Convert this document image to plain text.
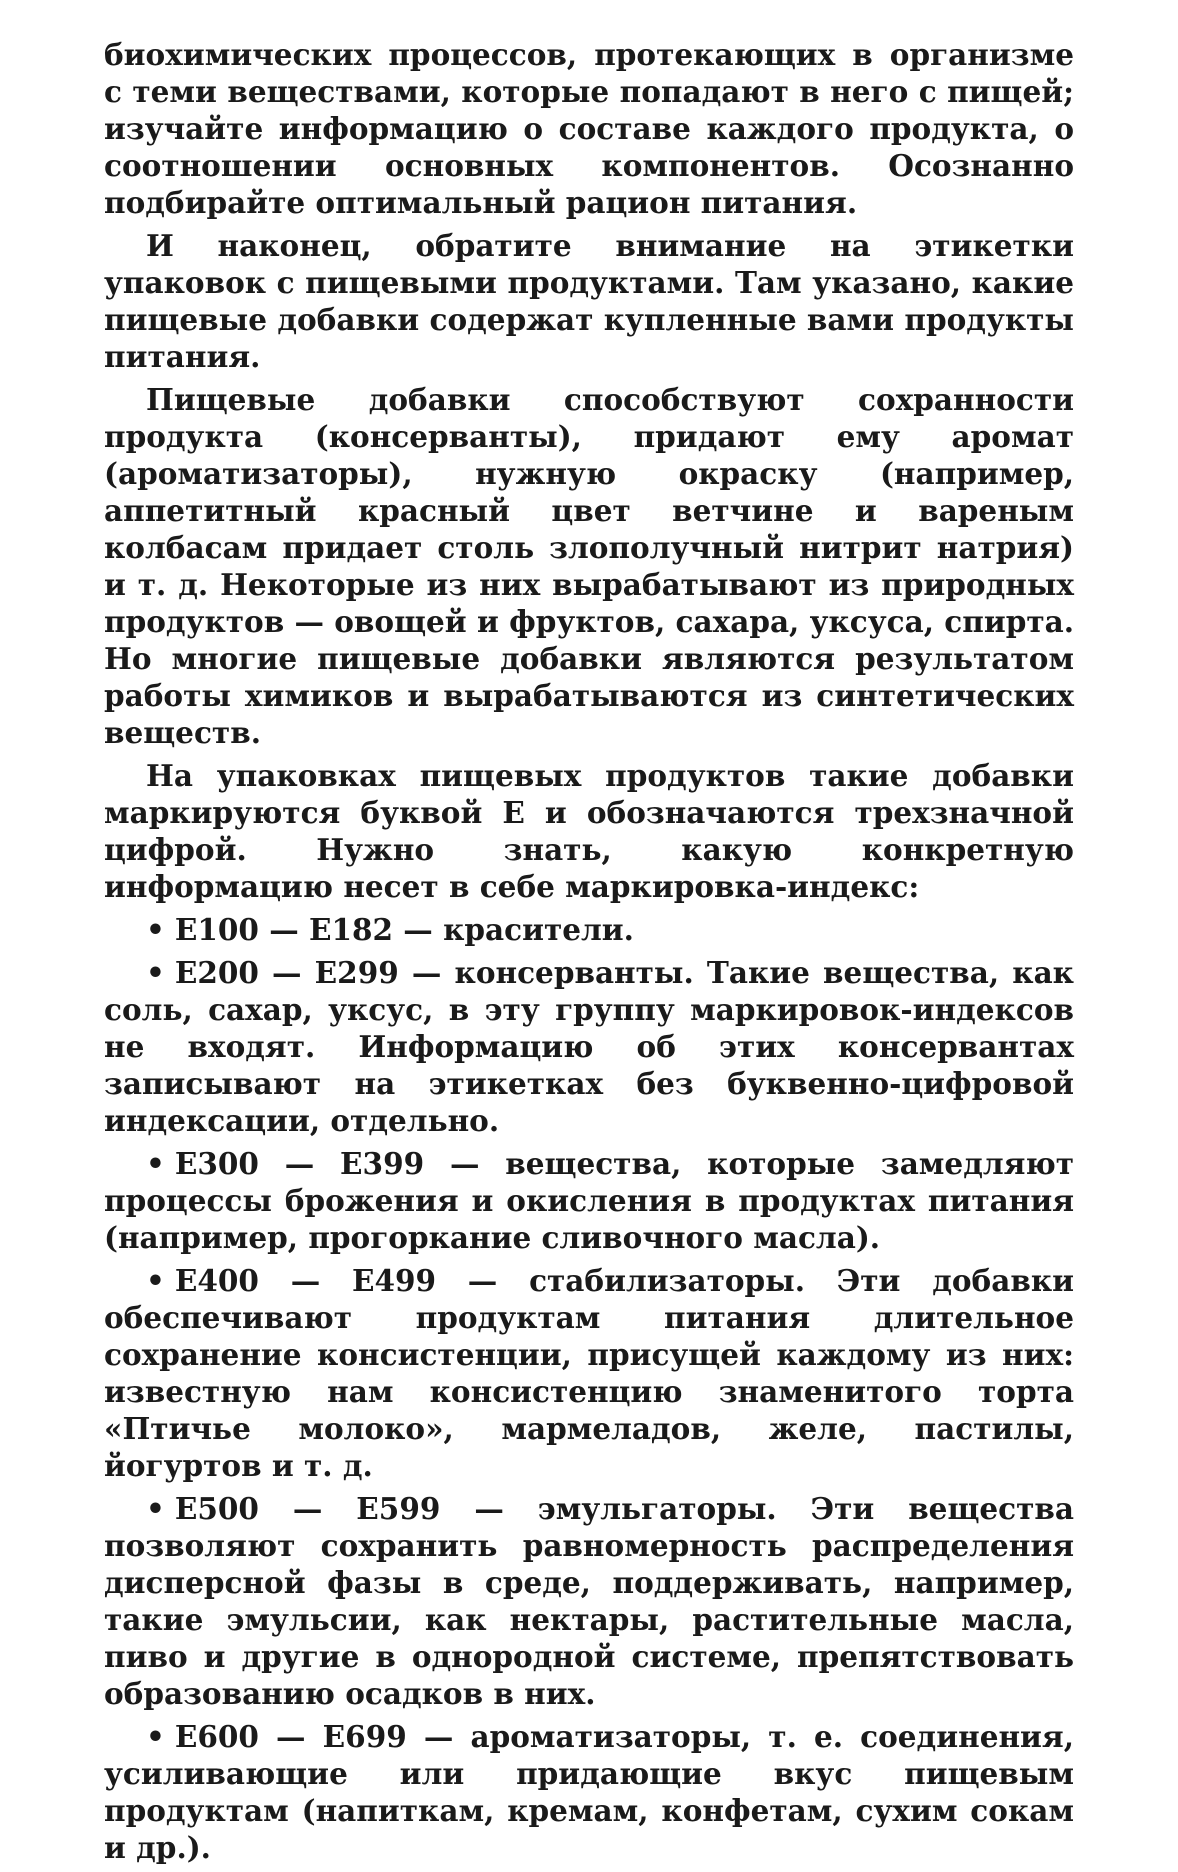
биохимических процессов, протекающих в организме с теми веществами, которые попадают в него с пищей; изучайте информацию о составе каждого продукта, о соотношении основных компонентов. Осознанно подбирайте оптимальный рацион питания.

И наконец, обратите внимание на этикетки упаковок с пищевыми продуктами. Там указано, какие пищевые добавки содержат купленные вами продукты питания.

Пищевые добавки способствуют сохранности продукта (консерванты), придают ему аромат (ароматизаторы), нужную окраску (например, аппетитный красный цвет ветчине и вареным колбасам придает столь злополучный нитрит натрия) и т. д. Некоторые из них вырабатывают из природных продуктов — овощей и фруктов, сахара, уксуса, спирта. Но многие пищевые добавки являются результатом работы химиков и вырабатываются из синтетических веществ.

На упаковках пищевых продуктов такие добавки маркируются буквой Е и обозначаются трехзначной цифрой. Нужно знать, какую конкретную информацию несет в себе маркировка-индекс:

• Е100 — Е182 — красители.

• Е200 — Е299 — консерванты. Такие вещества, как соль, сахар, уксус, в эту группу маркировок-индексов не входят. Информацию об этих консервантах записывают на этикетках без буквенно-цифровой индексации, отдельно.

• Е300 — Е399 — вещества, которые замедляют процессы брожения и окисления в продуктах питания (например, прогоркание сливочного масла).

• Е400 — Е499 — стабилизаторы. Эти добавки обеспечивают продуктам питания длительное сохранение консистенции, присущей каждому из них: известную нам консистенцию знаменитого торта «Птичье молоко», мармеладов, желе, пастилы, йогуртов и т. д.

• Е500 — Е599 — эмульгаторы. Эти вещества позволяют сохранить равномерность распределения дисперсной фазы в среде, поддерживать, например, такие эмульсии, как нектары, растительные масла, пиво и другие в однородной системе, препятствовать образованию осадков в них.

• Е600 — Е699 — ароматизаторы, т. е. соединения, усиливающие или придающие вкус пищевым продуктам (напиткам, кремам, конфетам, сухим сокам и др.).
